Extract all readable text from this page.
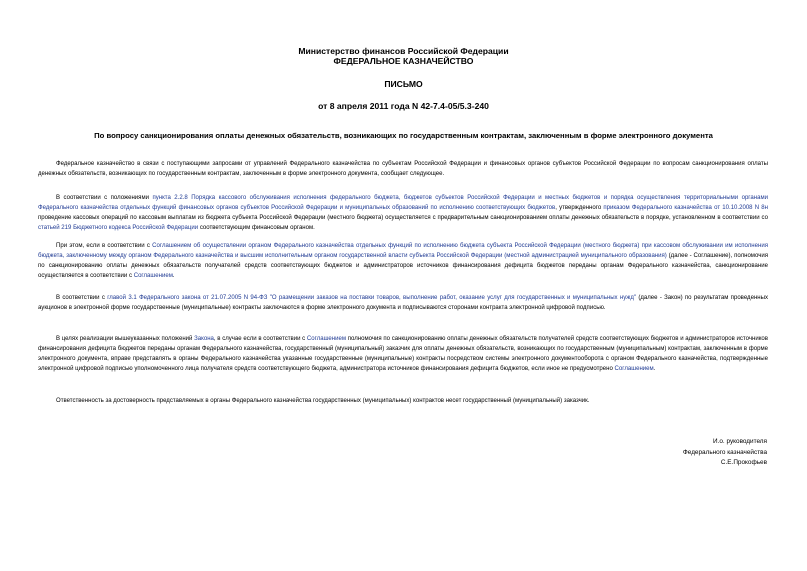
Министерство финансов Российской Федерации
ФЕДЕРАЛЬНОЕ КАЗНАЧЕЙСТВО
ПИСЬМО
от 8 апреля 2011 года N 42-7.4-05/5.3-240
По вопросу санкционирования оплаты денежных обязательств, возникающих по государственным контрактам, заключенным в форме электронного документа

Федеральное казначейство в связи с поступающими запросами от управлений Федерального казначейства по субъектам Российской Федерации и финансовых органов субъектов Российской Федерации по вопросам санкционирования оплаты денежных обязательств, возникающих по государственным контрактам, заключенным в форме электронного документа, сообщает следующее.

В соответствии с положениями пункта 2.2.8 Порядка кассового обслуживания исполнения федерального бюджета, бюджетов субъектов Российской Федерации и местных бюджетов и порядка осуществления территориальными органами Федерального казначейства отдельных функций финансовых органов субъектов Российской Федерации и муниципальных образований по исполнению соответствующих бюджетов, утвержденного приказом Федерального казначейства от 10.10.2008 N 8н проведение кассовых операций по кассовым выплатам из бюджета субъекта Российской Федерации (местного бюджета) осуществляется с предварительным санкционированием оплаты денежных обязательств в порядке, установленном в соответствии со статьей 219 Бюджетного кодекса Российской Федерации соответствующим финансовым органом.

При этом, если в соответствии с Соглашением об осуществлении органом Федерального казначейства отдельных функций по исполнению бюджета субъекта Российской Федерации (местного бюджета) при кассовом обслуживании им исполнения бюджета, заключенному между органом Федерального казначейства и высшим исполнительным органом государственной власти субъекта Российской Федерации (местной администрацией муниципального образования) (далее - Соглашение), полномочия по санкционированию оплаты денежных обязательств получателей средств соответствующих бюджетов и администраторов источников финансирования дефицита бюджетов переданы органам Федерального казначейства, санкционирование осуществляется в соответствии с Соглашением.

В соответствии с главой 3.1 Федерального закона от 21.07.2005 N 94-ФЗ "О размещении заказов на поставки товаров, выполнение работ, оказание услуг для государственных и муниципальных нужд" (далее - Закон) по результатам проведенных аукционов в электронной форме государственные (муниципальные) контракты заключаются в форме электронного документа и подписываются сторонами контракта электронной цифровой подписью.

В целях реализации вышеуказанных положений Закона, в случае если в соответствии с Соглашением полномочия по санкционированию оплаты денежных обязательств получателей средств соответствующих бюджетов и администраторов источников финансирования дефицита бюджетов переданы органам Федерального казначейства, государственный (муниципальный) заказчик для оплаты денежных обязательств, возникающих по государственным (муниципальным) контрактам, заключенным в форме электронного документа, вправе представлять в органы Федерального казначейства указанные государственные (муниципальные) контракты посредством системы электронного документооборота с органом Федерального казначейства, подтвержденные электронной цифровой подписью уполномоченного лица получателя средств соответствующего бюджета, администратора источников финансирования дефицита бюджетов, если иное не предусмотрено Соглашением.

Ответственность за достоверность представляемых в органы Федерального казначейства государственных (муниципальных) контрактов несет государственный (муниципальный) заказчик.

И.о. руководителя
Федерального казначейства
С.Е.Прокофьев
